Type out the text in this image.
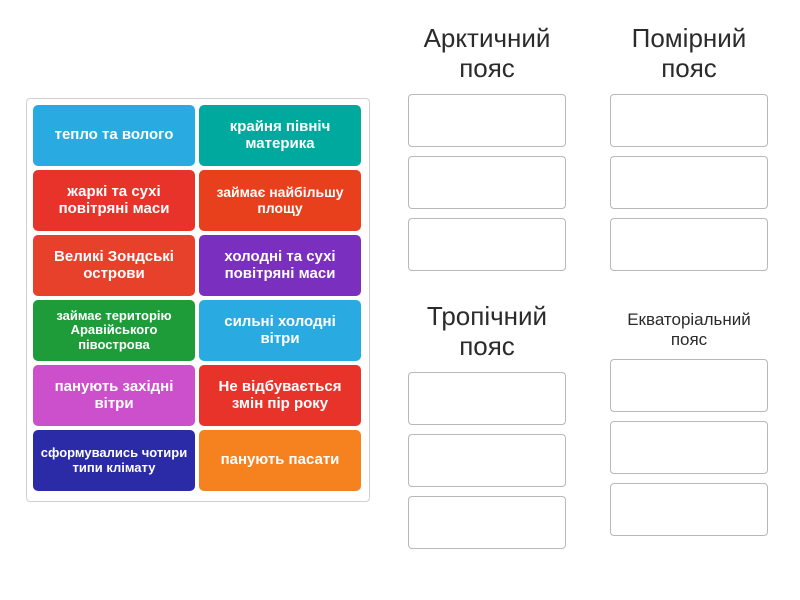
тепло та волого	крайня північ материка
жаркі та сухі повітряні маси
займає найбільшу площу
Великі Зондські острови
холодні та сухі повітряні маси
займає територію Аравійського півострова
сильні холодні вітри
панують західні вітри
Не відбувається змін пір року
сформувались чотири типи клімату	панують пасати
Арктичний пояс
Помірний пояс
Тропічний пояс
Екваторіальний пояс
